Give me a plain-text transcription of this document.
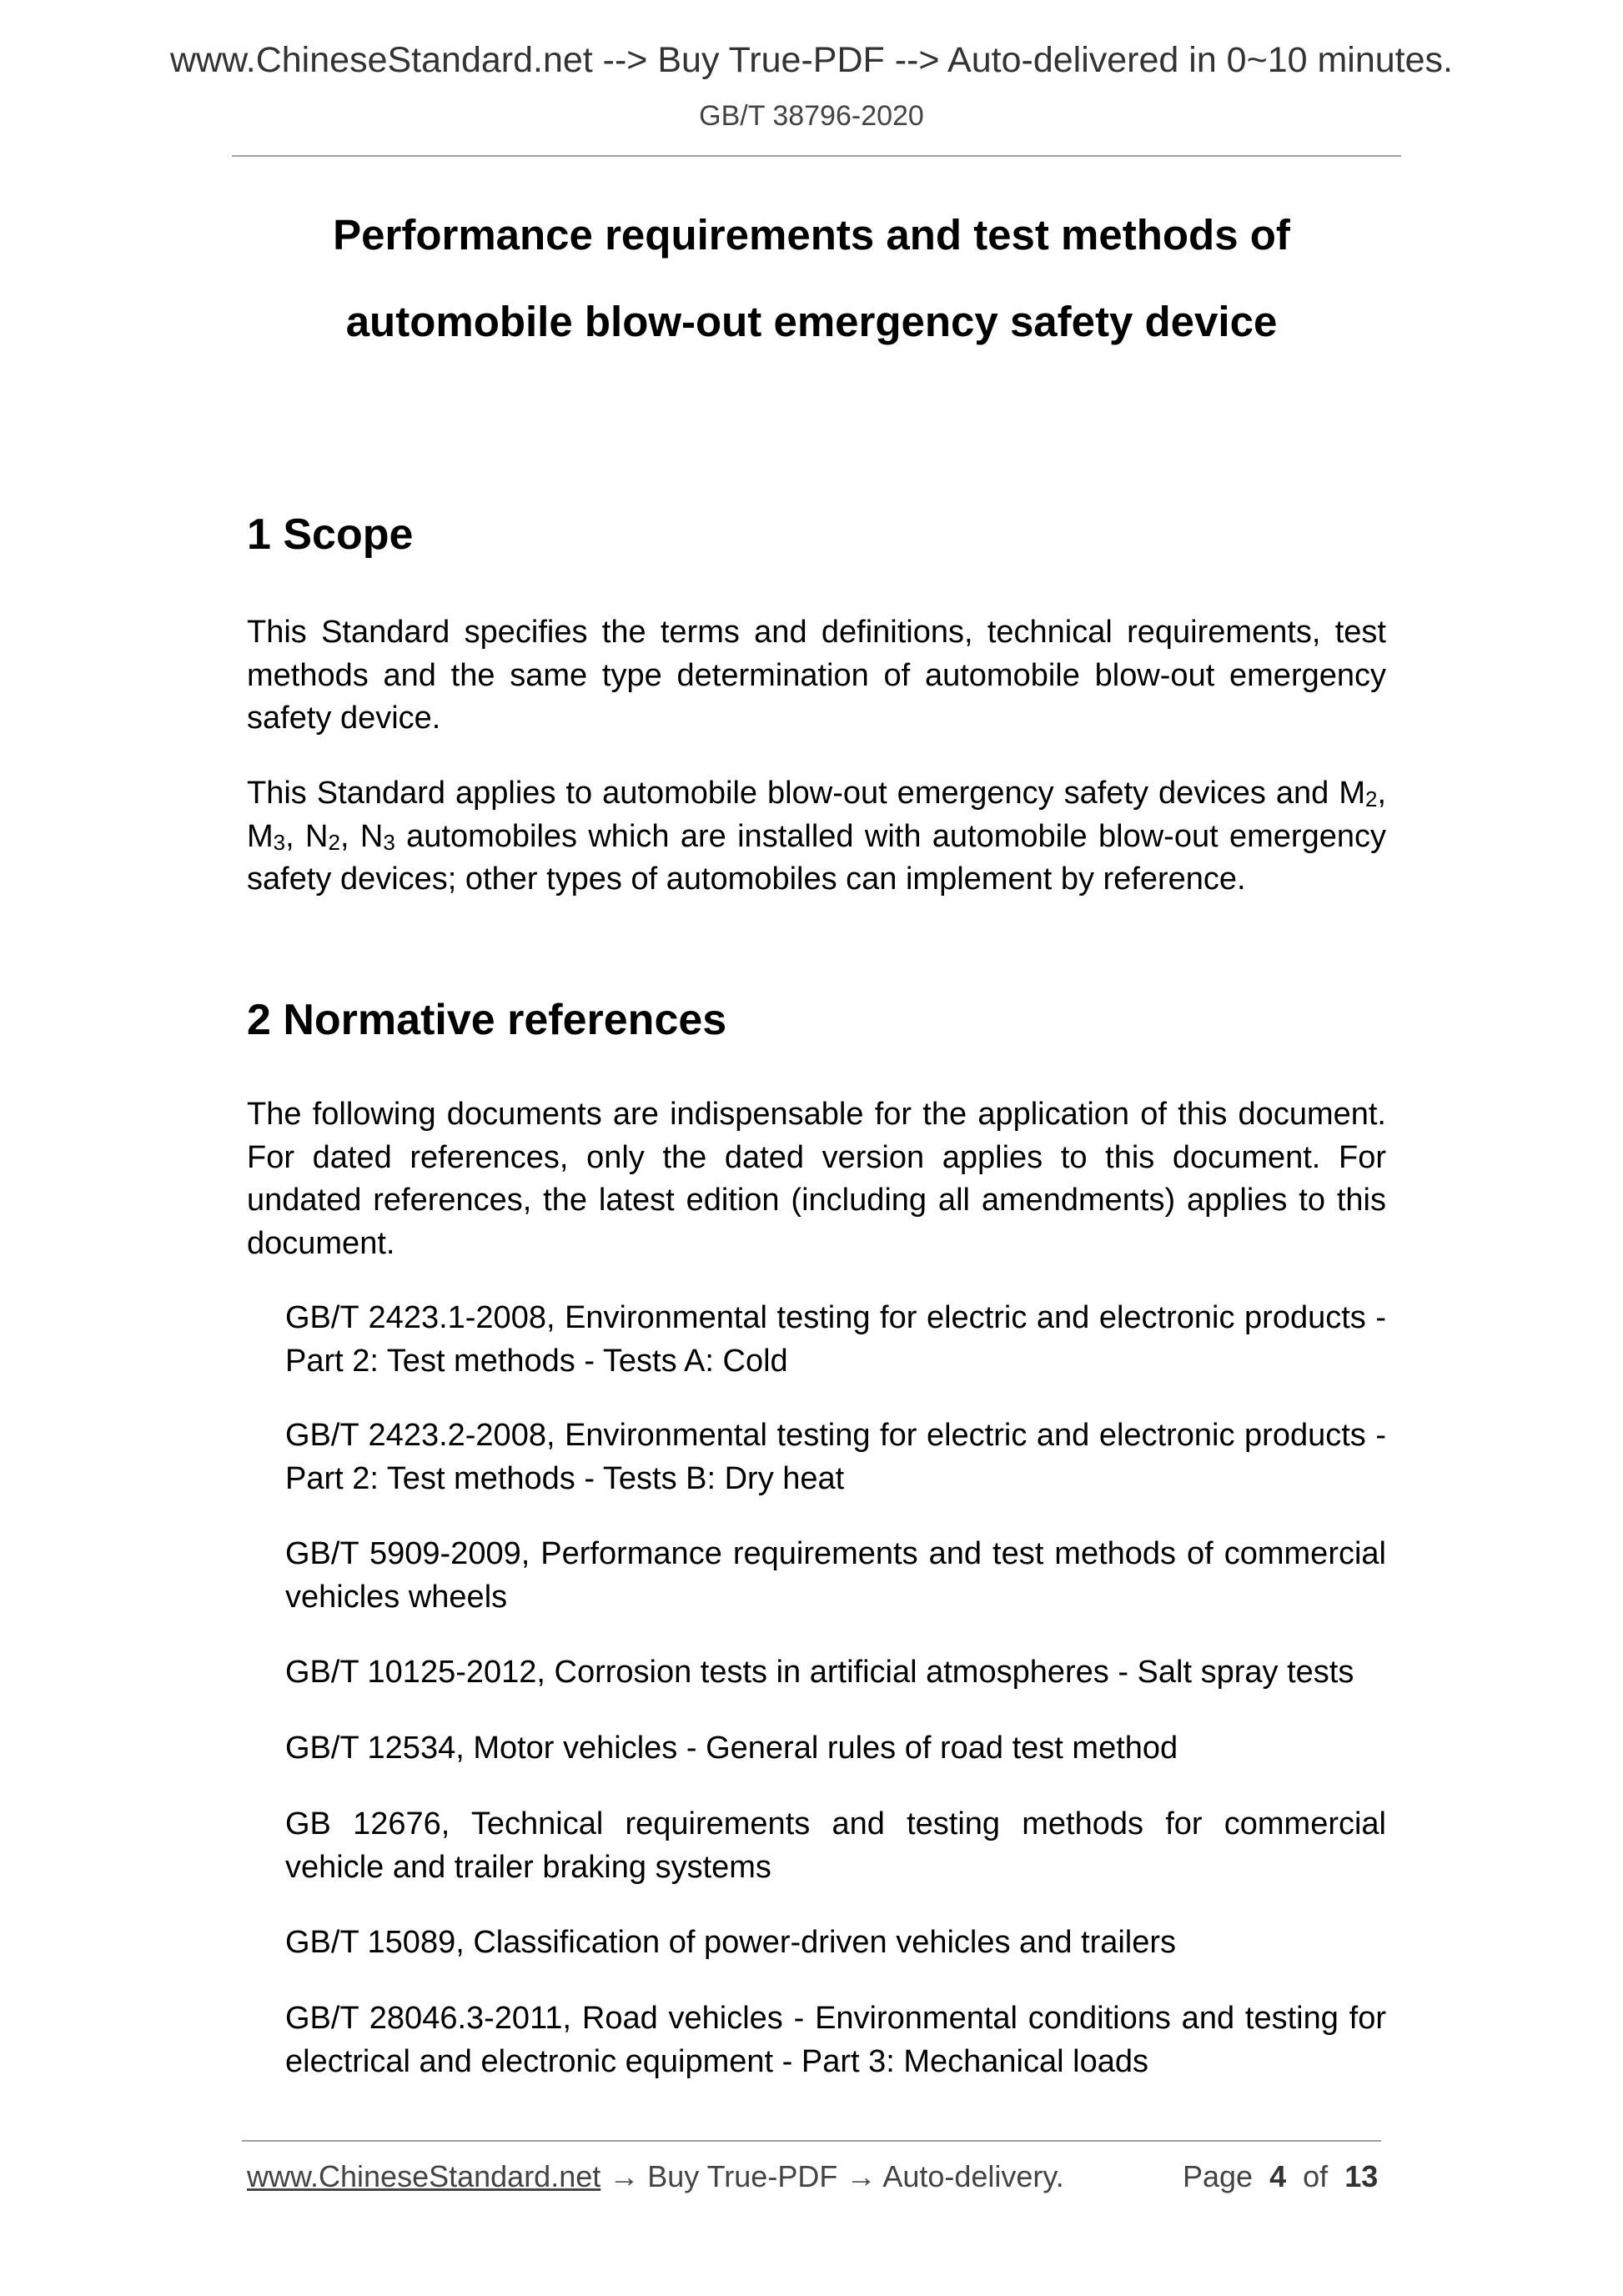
www.ChineseStandard.net --> Buy True-PDF --> Auto-delivered in 0~10 minutes.
GB/T 38796-2020
Performance requirements and test methods of
automobile blow-out emergency safety device
1 Scope

This Standard specifies the terms and definitions, technical requirements, test methods and the same type determination of automobile blow-out emergency safety device.

This Standard applies to automobile blow-out emergency safety devices and $M_2$, $M_3$, $N_2$, $N_3$ automobiles which are installed with automobile blow-out emergency safety devices; other types of automobiles can implement by reference.

2 Normative references

The following documents are indispensable for the application of this document. For dated references, only the dated version applies to this document. For undated references, the latest edition (including all amendments) applies to this document.

GB/T 2423.1-2008, Environmental testing for electric and electronic products - Part 2: Test methods - Tests A: Cold

GB/T 2423.2-2008, Environmental testing for electric and electronic products - Part 2: Test methods - Tests B: Dry heat

GB/T 5909-2009, Performance requirements and test methods of commercial vehicles wheels

GB/T 10125-2012, Corrosion tests in artificial atmospheres - Salt spray tests

GB/T 12534, Motor vehicles - General rules of road test method

GB 12676, Technical requirements and testing methods for commercial vehicle and trailer braking systems

GB/T 15089, Classification of power-driven vehicles and trailers

GB/T 28046.3-2011, Road vehicles - Environmental conditions and testing for electrical and electronic equipment - Part 3: Mechanical loads

www.ChineseStandard.net → Buy True-PDF → Auto-delivery.	Page 4 of 13
